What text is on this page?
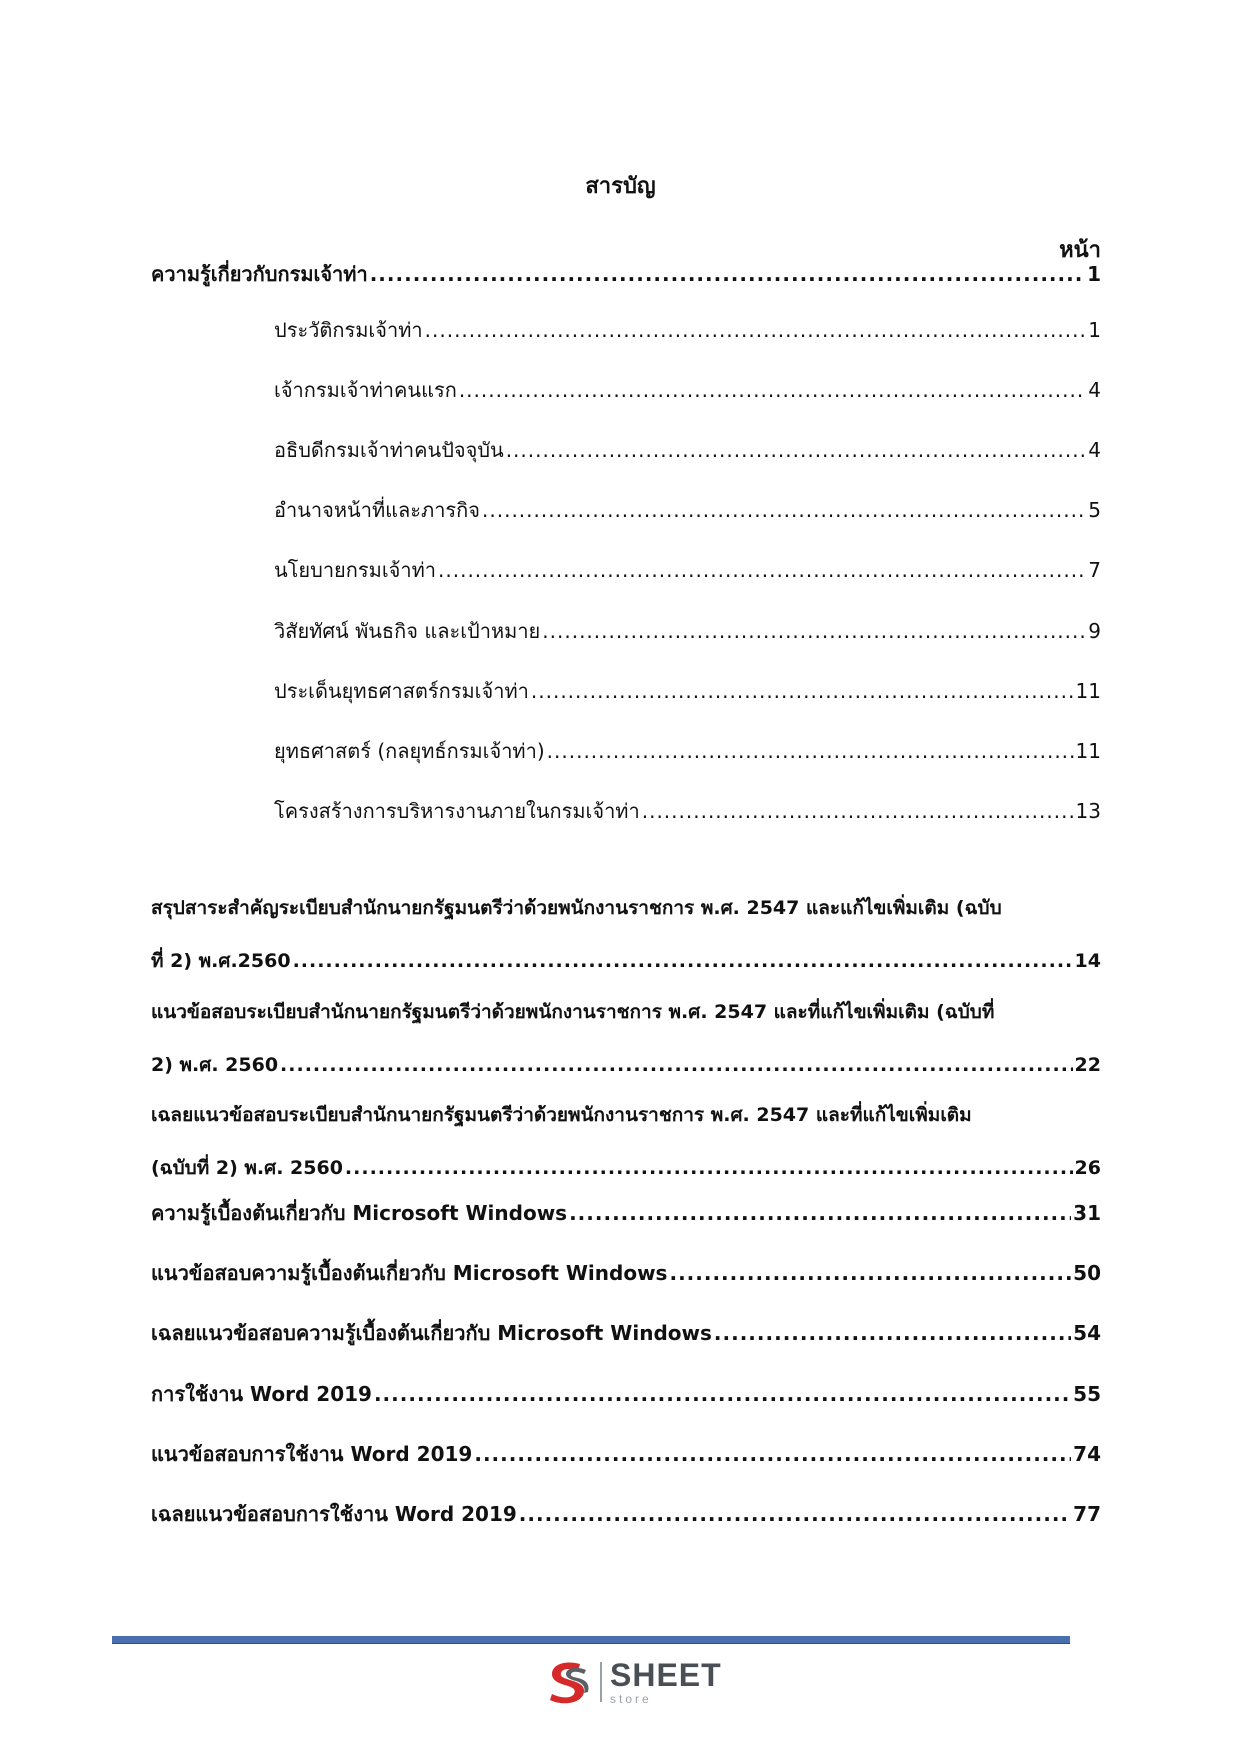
สารบัญ
หน้า
ความรู้เกี่ยวกับกรมเจ้าท่า .....	1
ประวัติกรมเจ้าท่า .....	1
เจ้ากรมเจ้าท่าคนแรก .....	4
อธิบดีกรมเจ้าท่าคนปัจจุบัน .....	4
อำนาจหน้าที่และภารกิจ .....	5
นโยบายกรมเจ้าท่า .....	7
วิสัยทัศน์ พันธกิจ และเป้าหมาย .....	9
ประเด็นยุทธศาสตร์กรมเจ้าท่า .....	11
ยุทธศาสตร์ (กลยุทธ์กรมเจ้าท่า) .....	11
โครงสร้างการบริหารงานภายในกรมเจ้าท่า .....	13
สรุปสาระสำคัญระเบียบสำนักนายกรัฐมนตรีว่าด้วยพนักงานราชการ พ.ศ. 2547 และแก้ไขเพิ่มเติม (ฉบับ
ที่ 2) พ.ศ.2560 .....	14
แนวข้อสอบระเบียบสำนักนายกรัฐมนตรีว่าด้วยพนักงานราชการ พ.ศ. 2547 และที่แก้ไขเพิ่มเติม (ฉบับที่
2) พ.ศ. 2560 .....	22
เฉลยแนวข้อสอบระเบียบสำนักนายกรัฐมนตรีว่าด้วยพนักงานราชการ พ.ศ. 2547 และที่แก้ไขเพิ่มเติม
(ฉบับที่ 2) พ.ศ. 2560 .....	26
ความรู้เบื้องต้นเกี่ยวกับ Microsoft Windows .....	31
แนวข้อสอบความรู้เบื้องต้นเกี่ยวกับ Microsoft Windows .....	50
เฉลยแนวข้อสอบความรู้เบื้องต้นเกี่ยวกับ Microsoft Windows .....	54
การใช้งาน Word 2019 .....	55
แนวข้อสอบการใช้งาน Word 2019 .....	74
เฉลยแนวข้อสอบการใช้งาน Word 2019 .....	77
SHEET
store
